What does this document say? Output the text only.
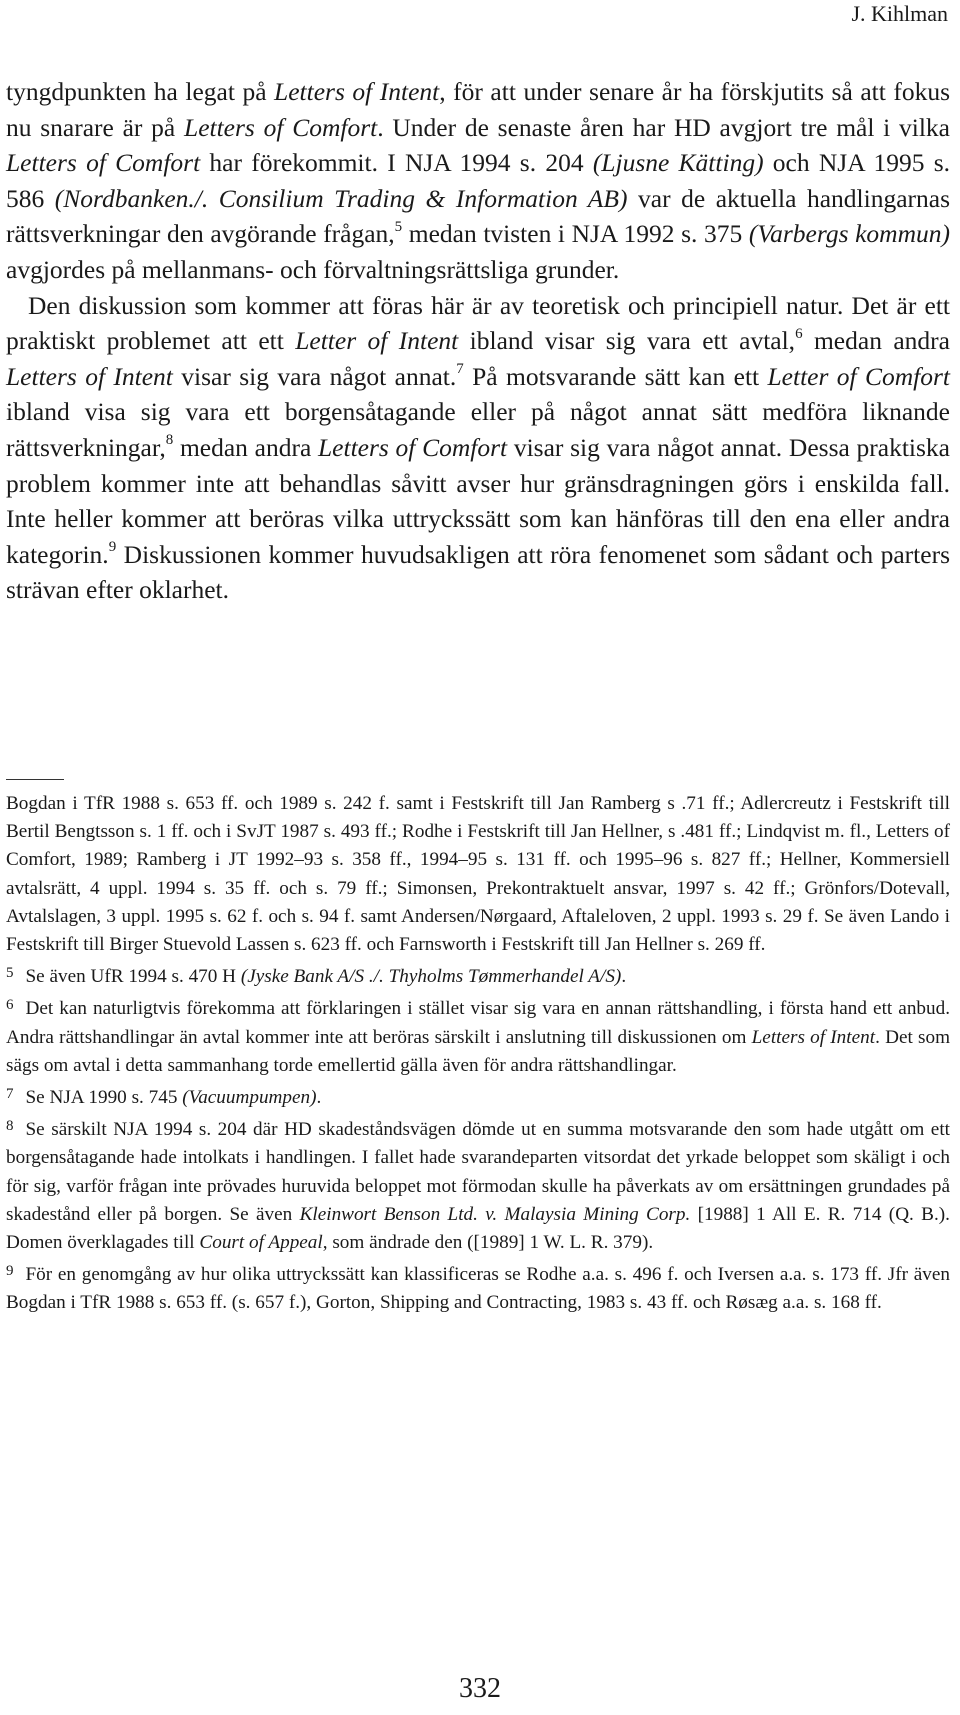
J. Kihlman

tyngdpunkten ha legat på Letters of Intent, för att under senare år ha förskjutits så att fokus nu snarare är på Letters of Comfort. Under de senaste åren har HD avgjort tre mål i vilka Letters of Comfort har förekommit. I NJA 1994 s. 204 (Ljusne Kätting) och NJA 1995 s. 586 (Nordbanken./. Consilium Trading & Information AB) var de aktuella handlingarnas rättsverkningar den avgörande frågan,$^5$ medan tvisten i NJA 1992 s. 375 (Varbergs kommun) avgjordes på mellanmans- och förvaltningsrättsliga grunder.

Den diskussion som kommer att föras här är av teoretisk och principiell natur. Det är ett praktiskt problemet att ett Letter of Intent ibland visar sig vara ett avtal,$^6$ medan andra Letters of Intent visar sig vara något annat.$^7$ På motsvarande sätt kan ett Letter of Comfort ibland visa sig vara ett borgensåtagande eller på något annat sätt medföra liknande rättsverkningar,$^8$ medan andra Letters of Comfort visar sig vara något annat. Dessa praktiska problem kommer inte att behandlas såvitt avser hur gränsdragningen görs i enskilda fall. Inte heller kommer att beröras vilka uttryckssätt som kan hänföras till den ena eller andra kategorin.$^9$ Diskussionen kommer huvudsakligen att röra fenomenet som sådant och parters strävan efter oklarhet.

Bogdan i TfR 1988 s. 653 ff. och 1989 s. 242 f. samt i Festskrift till Jan Ramberg s .71 ff.; Adlercreutz i Festskrift till Bertil Bengtsson s. 1 ff. och i SvJT 1987 s. 493 ff.; Rodhe i Festskrift till Jan Hellner, s .481 ff.; Lindqvist m. fl., Letters of Comfort, 1989; Ramberg i JT 1992–93 s. 358 ff., 1994–95 s. 131 ff. och 1995–96 s. 827 ff.; Hellner, Kommersiell avtalsrätt, 4 uppl. 1994 s. 35 ff. och s. 79 ff.; Simonsen, Prekontraktuelt ansvar, 1997 s. 42 ff.; Grönfors/Dotevall, Avtalslagen, 3 uppl. 1995 s. 62 f. och s. 94 f. samt Andersen/Nørgaard, Aftaleloven, 2 uppl. 1993 s. 29 f. Se även Lando i Festskrift till Birger Stuevold Lassen s. 623 ff. och Farnsworth i Festskrift till Jan Hellner s. 269 ff.

$^5$ Se även UfR 1994 s. 470 H (Jyske Bank A/S ./. Thyholms Tømmerhandel A/S).

$^6$ Det kan naturligtvis förekomma att förklaringen i stället visar sig vara en annan rättshandling, i första hand ett anbud. Andra rättshandlingar än avtal kommer inte att beröras särskilt i anslutning till diskussionen om Letters of Intent. Det som sägs om avtal i detta sammanhang torde emellertid gälla även för andra rättshandlingar.

$^7$ Se NJA 1990 s. 745 (Vacuumpumpen).

$^8$ Se särskilt NJA 1994 s. 204 där HD skadeståndsvägen dömde ut en summa motsvarande den som hade utgått om ett borgensåtagande hade intolkats i handlingen. I fallet hade svarandeparten vitsordat det yrkade beloppet som skäligt i och för sig, varför frågan inte prövades huruvida beloppet mot förmodan skulle ha påverkats av om ersättningen grundades på skadestånd eller på borgen. Se även Kleinwort Benson Ltd. v. Malaysia Mining Corp. [1988] 1 All E. R. 714 (Q. B.). Domen överklagades till Court of Appeal, som ändrade den ([1989] 1 W. L. R. 379).

$^9$ För en genomgång av hur olika uttryckssätt kan klassificeras se Rodhe a.a. s. 496 f. och Iversen a.a. s. 173 ff. Jfr även Bogdan i TfR 1988 s. 653 ff. (s. 657 f.), Gorton, Shipping and Contracting, 1983 s. 43 ff. och Røsæg a.a. s. 168 ff.

332
